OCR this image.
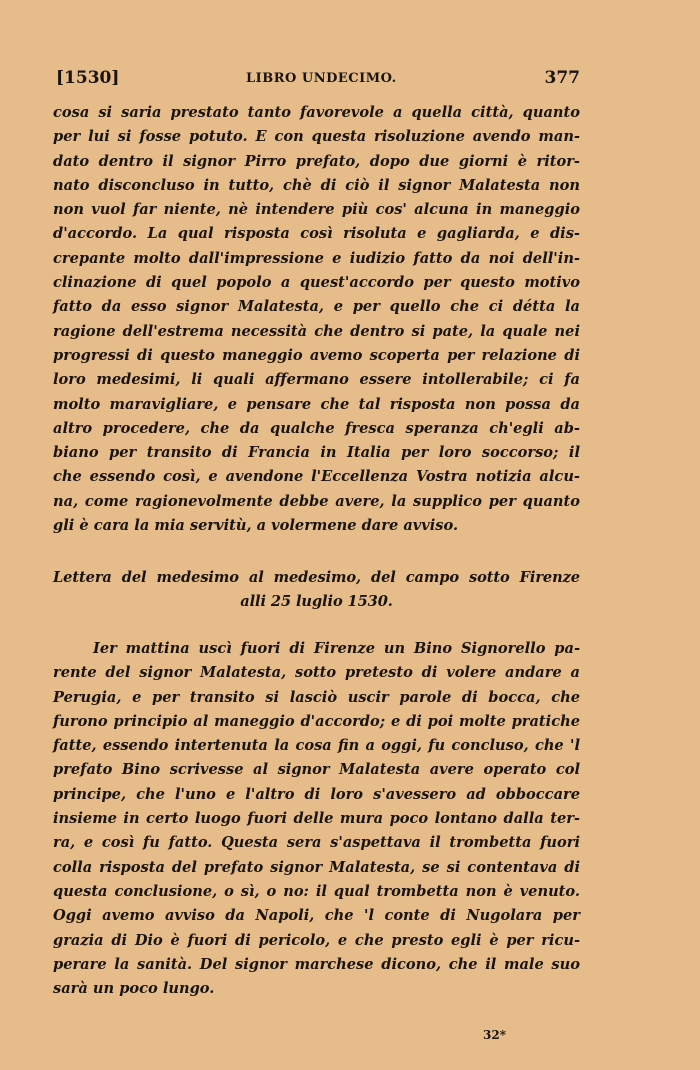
[1530]	LIBRO UNDECIMO.	377
cosa si saria prestato tanto favorevole a quella città, quanto
per lui si fosse potuto. E con questa risoluzione avendo man-
dato dentro il signor Pirro prefato, dopo due giorni è ritor-
nato disconcluso in tutto, chè di ciò il signor Malatesta non
non vuol far niente, nè intendere più cos' alcuna in maneggio
d'accordo. La qual risposta così risoluta e gagliarda, e dis-
crepante molto dall'impressione e iudizio fatto da noi dell'in-
clinazione di quel popolo a quest'accordo per questo motivo
fatto da esso signor Malatesta, e per quello che ci détta la
ragione dell'estrema necessità che dentro si pate, la quale nei
progressi di questo maneggio avemo scoperta per relazione di
loro medesimi, li quali affermano essere intollerabile; ci fa
molto maravigliare, e pensare che tal risposta non possa da
altro procedere, che da qualche fresca speranza ch'egli ab-
biano per transito di Francia in Italia per loro soccorso; il
che essendo così, e avendone l'Eccellenza Vostra notizia alcu-
na, come ragionevolmente debbe avere, la supplico per quanto
gli è cara la mia servitù, a volermene dare avviso.
Lettera del medesimo al medesimo, del campo sotto Firenze
alli 25 luglio 1530.
Ier mattina uscì fuori di Firenze un Bino Signorello pa-
rente del signor Malatesta, sotto pretesto di volere andare a
Perugia, e per transito si lasciò uscir parole di bocca, che
furono principio al maneggio d'accordo; e di poi molte pratiche
fatte, essendo intertenuta la cosa fin a oggi, fu concluso, che 'l
prefato Bino scrivesse al signor Malatesta avere operato col
principe, che l'uno e l'altro di loro s'avessero ad obboccare
insieme in certo luogo fuori delle mura poco lontano dalla ter-
ra, e così fu fatto. Questa sera s'aspettava il trombetta fuori
colla risposta del prefato signor Malatesta, se si contentava di
questa conclusione, o sì, o no: il qual trombetta non è venuto.
Oggi avemo avviso da Napoli, che 'l conte di Nugolara per
grazia di Dio è fuori di pericolo, e che presto egli è per ricu-
perare la sanità. Del signor marchese dicono, che il male suo
sarà un poco lungo.
32*
